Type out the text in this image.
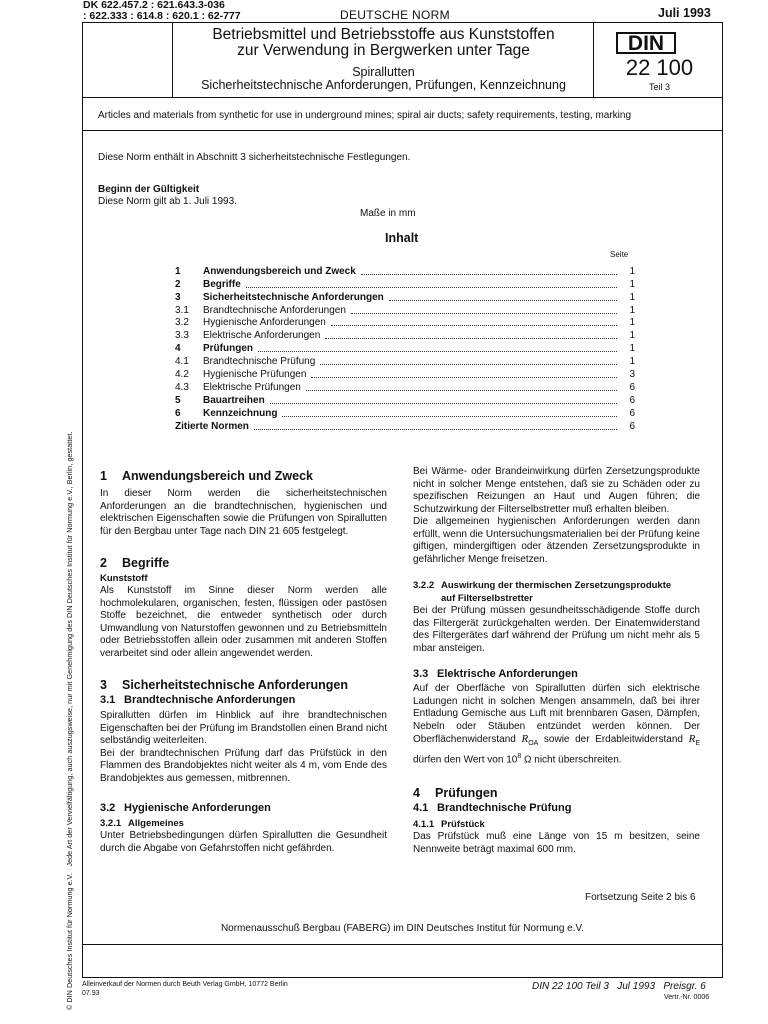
DK 622.457.2 : 621.643.3-036
: 622.333 : 614.8 : 620.1 : 62-777	DEUTSCHE NORM	Juli 1993
Betriebsmittel und Betriebsstoffe aus Kunststoffen
zur Verwendung in Bergwerken unter Tage
Spirallutten
Sicherheitstechnische Anforderungen, Prüfungen, Kennzeichnung
DIN
22 100
Teil 3
Articles and materials from synthetic for use in underground mines; spiral air ducts; safety requirements, testing, marking
Diese Norm enthält in Abschnitt 3 sicherheitstechnische Festlegungen.
Beginn der Gültigkeit
Diese Norm gilt ab 1. Juli 1993.
Maße in mm
Inhalt
Seite
1	Anwendungsbereich und Zweck	1
2	Begriffe	1
3	Sicherheitstechnische Anforderungen	1
3.1	Brandtechnische Anforderungen	1
3.2	Hygienische Anforderungen	1
3.3	Elektrische Anforderungen	1
4	Prüfungen	1
4.1	Brandtechnische Prüfung	1
4.2	Hygienische Prüfungen	3
4.3	Elektrische Prüfungen	6
5	Bauartreihen	6
6	Kennzeichnung	6
Zitierte Normen	6
1 Anwendungsbereich und Zweck
In dieser Norm werden die sicherheitstechnischen Anforderungen an die brandtechnischen, hygienischen und elektrischen Eigenschaften sowie die Prüfungen von Spirallutten für den Bergbau unter Tage nach DIN 21 605 festgelegt.
2 Begriffe
Kunststoff
Als Kunststoff im Sinne dieser Norm werden alle hochmolekularen, organischen, festen, flüssigen oder pastösen Stoffe bezeichnet, die entweder synthetisch oder durch Umwandlung von Naturstoffen gewonnen und zu Betriebsmitteln oder Betriebsstoffen allein oder zusammen mit anderen Stoffen verarbeitet sind oder allein angewendet werden.
3 Sicherheitstechnische Anforderungen
3.1 Brandtechnische Anforderungen
Spirallutten dürfen im Hinblick auf ihre brandtechnischen Eigenschaften bei der Prüfung im Brandstollen einen Brand nicht selbständig weiterleiten.
Bei der brandtechnischen Prüfung darf das Prüfstück in den Flammen des Brandobjektes nicht weiter als 4 m, vom Ende des Brandobjektes aus gemessen, mitbrennen.
3.2 Hygienische Anforderungen
3.2.1 Allgemeines
Unter Betriebsbedingungen dürfen Spirallutten die Gesundheit durch die Abgabe von Gefahrstoffen nicht gefährden.
Bei Wärme- oder Brandeinwirkung dürfen Zersetzungsprodukte nicht in solcher Menge entstehen, daß sie zu Schäden oder zu spezifischen Reizungen an Haut und Augen führen; die Schutzwirkung der Filterselbstretter muß erhalten bleiben.
Die allgemeinen hygienischen Anforderungen werden dann erfüllt, wenn die Untersuchungsmaterialien bei der Prüfung keine giftigen, mindergiftigen oder ätzenden Zersetzungsprodukte in gefährlicher Menge freisetzen.
3.2.2 Auswirkung der thermischen Zersetzungsprodukte
auf Filterselbstretter
Bei der Prüfung müssen gesundheitsschädigende Stoffe durch das Filtergerät zurückgehalten werden. Der Einatemwiderstand des Filtergerätes darf während der Prüfung um nicht mehr als 5 mbar ansteigen.
3.3 Elektrische Anforderungen
Auf der Oberfläche von Spirallutten dürfen sich elektrische Ladungen nicht in solchen Mengen ansammeln, daß bei ihrer Entladung Gemische aus Luft mit brennbaren Gasen, Dämpfen, Nebeln oder Stäuben entzündet werden können. Der Oberflächenwiderstand $R_{OA}$ sowie der Erdableitwiderstand $R_E$ dürfen den Wert von $10^8$ Ω nicht überschreiten.
4 Prüfungen
4.1 Brandtechnische Prüfung
4.1.1 Prüfstück
Das Prüfstück muß eine Länge von 15 m besitzen, seine Nennweite beträgt maximal 600 mm.
Fortsetzung Seite 2 bis 6
Normenausschuß Bergbau (FABERG) im DIN Deutsches Institut für Normung e.V.
© DIN Deutsches Institut für Normung e.V. · Jede Art der Vervielfältigung, auch auszugsweise, nur mit Genehmigung des DIN Deutsches Institut für Normung e.V., Berlin, gestattet. Alleinverkauf der Normen durch Beuth Verlag GmbH, 10772 Berlin
07.93
DIN 22 100 Teil 3   Jul 1993   Preisgr. 6
Vertr.-Nr. 0006
